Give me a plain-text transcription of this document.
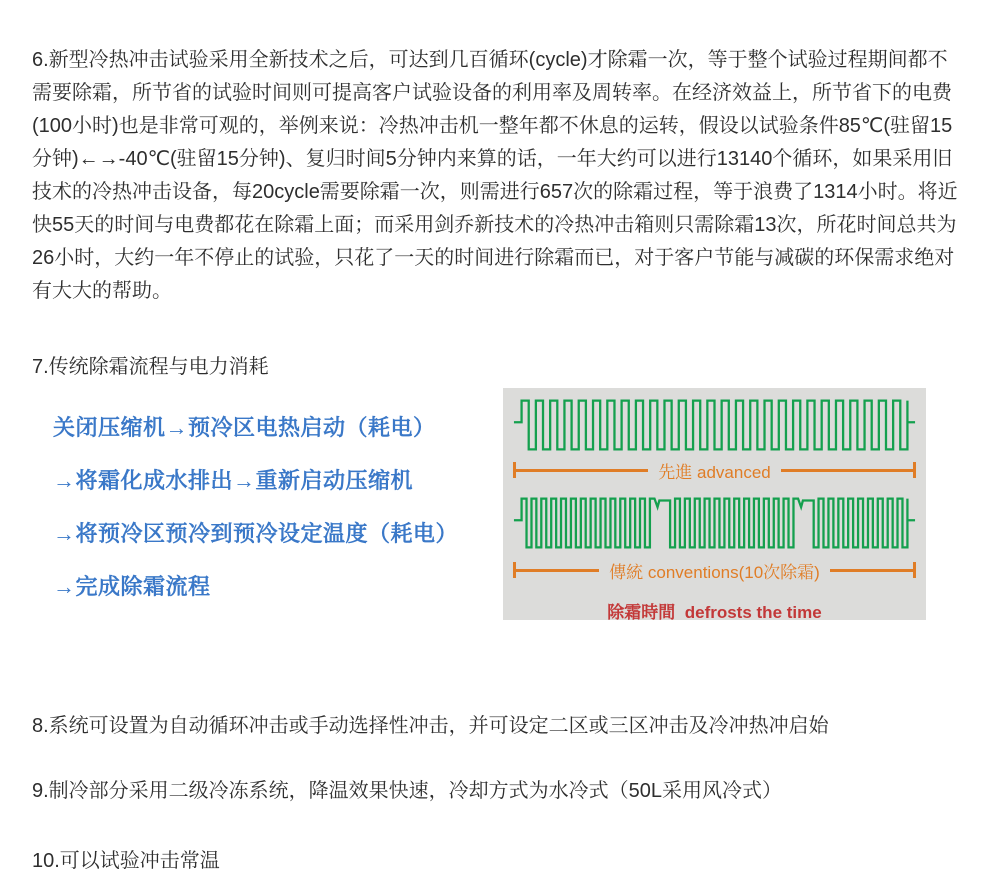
6.新型冷热冲击试验采用全新技术之后，可达到几百循环(cycle)才除霜一次，等于整个试验过程期间都不需要除霜，所节省的试验时间则可提高客户试验设备的利用率及周转率。在经济效益上，所节省下的电费(100小时)也是非常可观的，举例来说：冷热冲击机一整年都不休息的运转，假设以试验条件85℃(驻留15分钟)←→-40℃(驻留15分钟)、复归时间5分钟内来算的话，一年大约可以进行13140个循环，如果采用旧技术的冷热冲击设备，每20cycle需要除霜一次，则需进行657次的除霜过程，等于浪费了1314小时。将近快55天的时间与电费都花在除霜上面；而采用剑乔新技术的冷热冲击箱则只需除霜13次，所花时间总共为26小时，大约一年不停止的试验，只花了一天的时间进行除霜而已，对于客户节能与减碳的环保需求绝对有大大的帮助。

7.传统除霜流程与电力消耗

关闭压缩机→预冷区电热启动（耗电）
→将霜化成水排出→重新启动压缩机
→将预冷区预冷到预冷设定温度（耗电）
→完成除霜流程
先進 advanced
傳統 conventions(10次除霜)
除霜時間  defrosts the time

8.系统可设置为自动循环冲击或手动选择性冲击，并可设定二区或三区冲击及冷冲热冲启始

9.制冷部分采用二级冷冻系统，降温效果快速，冷却方式为水冷式（50L采用风冷式）

10.可以试验冲击常温
